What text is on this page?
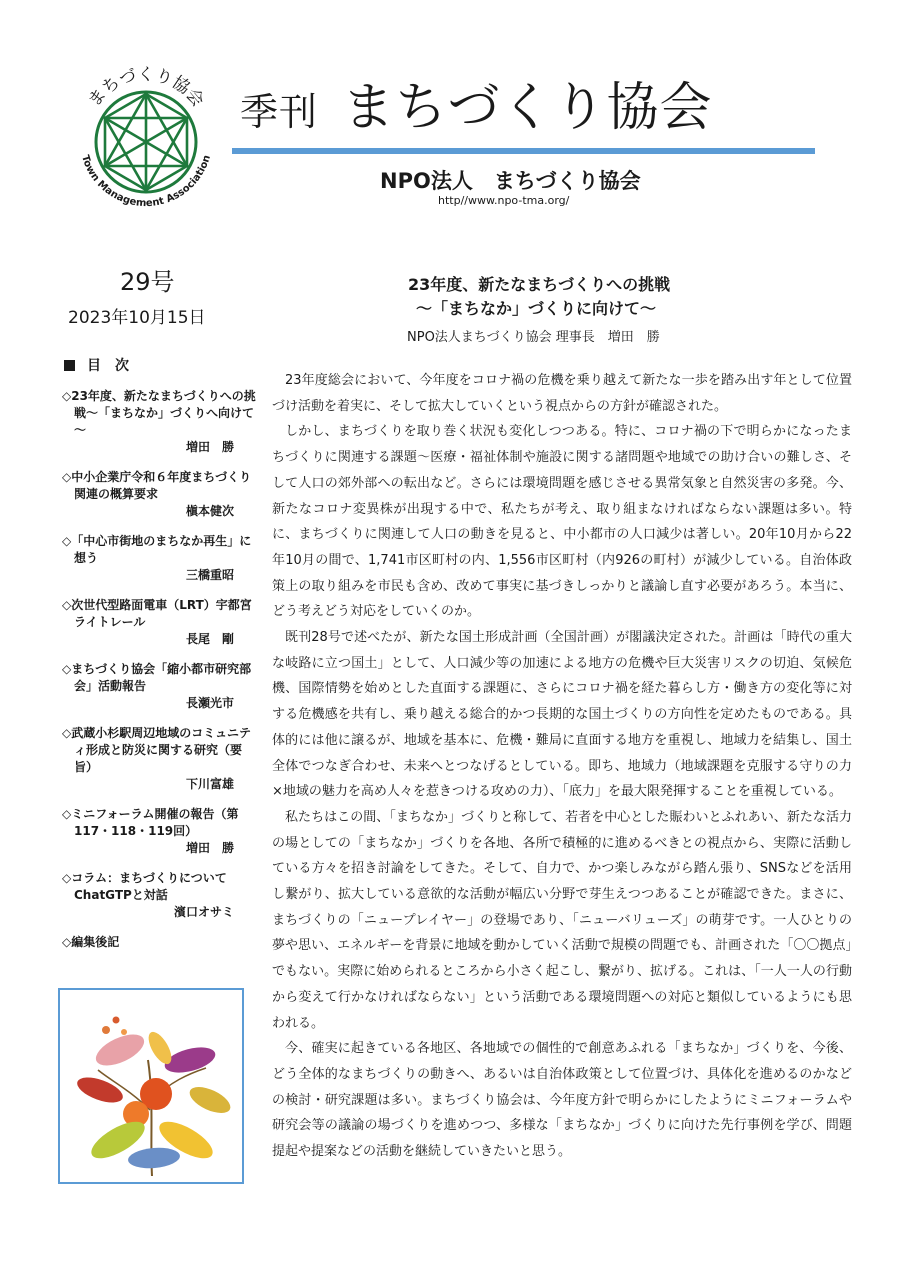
まちづくり協会
Town Management Association
季刊 まちづくり協会
NPO法人　まちづくり協会
http//www.npo-tma.org/
29号
2023年10月15日
目　次
◇23年度、新たなまちづくりへの挑戦～「まちなか」づくりへ向けて～
増田　勝
◇中小企業庁令和６年度まちづくり関連の概算要求
槇本健次
◇「中心市街地のまちなか再生」に想う
三橋重昭
◇次世代型路面電車（LRT）宇都宮ライトレール
長尾　剛
◇まちづくり協会「縮小都市研究部会」活動報告
長瀬光市
◇武蔵小杉駅周辺地域のコミュニティ形成と防災に関する研究（要旨）
下川富雄
◇ミニフォーラム開催の報告（第117・118・119回）
増田　勝
◇コラム：まちづくりについてChatGTPと対話
濱口オサミ
◇編集後記
23年度、新たなまちづくりへの挑戦
～「まちなか」づくりに向けて～
NPO法人まちづくり協会 理事長　増田　勝

23年度総会において、今年度をコロナ禍の危機を乗り越えて新たな一歩を踏み出す年として位置づけ活動を着実に、そして拡大していくという視点からの方針が確認された。

しかし、まちづくりを取り巻く状況も変化しつつある。特に、コロナ禍の下で明らかになったまちづくりに関連する課題～医療・福祉体制や施設に関する諸問題や地域での助け合いの難しさ、そして人口の郊外部への転出など。さらには環境問題を感じさせる異常気象と自然災害の多発。今、新たなコロナ変異株が出現する中で、私たちが考え、取り組まなければならない課題は多い。特に、まちづくりに関連して人口の動きを見ると、中小都市の人口減少は著しい。20年10月から22年10月の間で、1,741市区町村の内、1,556市区町村（内926の町村）が減少している。自治体政策上の取り組みを市民も含め、改めて事実に基づきしっかりと議論し直す必要があろう。本当に、どう考えどう対応をしていくのか。

既刊28号で述べたが、新たな国土形成計画（全国計画）が閣議決定された。計画は「時代の重大な岐路に立つ国土」として、人口減少等の加速による地方の危機や巨大災害リスクの切迫、気候危機、国際情勢を始めとした直面する課題に、さらにコロナ禍を経た暮らし方・働き方の変化等に対する危機感を共有し、乗り越える総合的かつ長期的な国土づくりの方向性を定めたものである。具体的には他に譲るが、地域を基本に、危機・難局に直面する地方を重視し、地域力を結集し、国土全体でつなぎ合わせ、未来へとつなげるとしている。即ち、地域力（地域課題を克服する守りの力×地域の魅力を高め人々を惹きつける攻めの力）、「底力」を最大限発揮することを重視している。

私たちはこの間、「まちなか」づくりと称して、若者を中心とした賑わいとふれあい、新たな活力の場としての「まちなか」づくりを各地、各所で積極的に進めるべきとの視点から、実際に活動している方々を招き討論をしてきた。そして、自力で、かつ楽しみながら踏ん張り、SNSなどを活用し繋がり、拡大している意欲的な活動が幅広い分野で芽生えつつあることが確認できた。まさに、まちづくりの「ニュープレイヤー」の登場であり、「ニューバリューズ」の萌芽です。一人ひとりの夢や思い、エネルギーを背景に地域を動かしていく活動で規模の問題でも、計画された「〇〇拠点」でもない。実際に始められるところから小さく起こし、繋がり、拡げる。これは、「一人一人の行動から変えて行かなければならない」という活動である環境問題への対応と類似しているようにも思われる。

今、確実に起きている各地区、各地域での個性的で創意あふれる「まちなか」づくりを、今後、どう全体的なまちづくりの動きへ、あるいは自治体政策として位置づけ、具体化を進めるのかなどの検討・研究課題は多い。まちづくり協会は、今年度方針で明らかにしたようにミニフォーラムや研究会等の議論の場づくりを進めつつ、多様な「まちなか」づくりに向けた先行事例を学び、問題提起や提案などの活動を継続していきたいと思う。
